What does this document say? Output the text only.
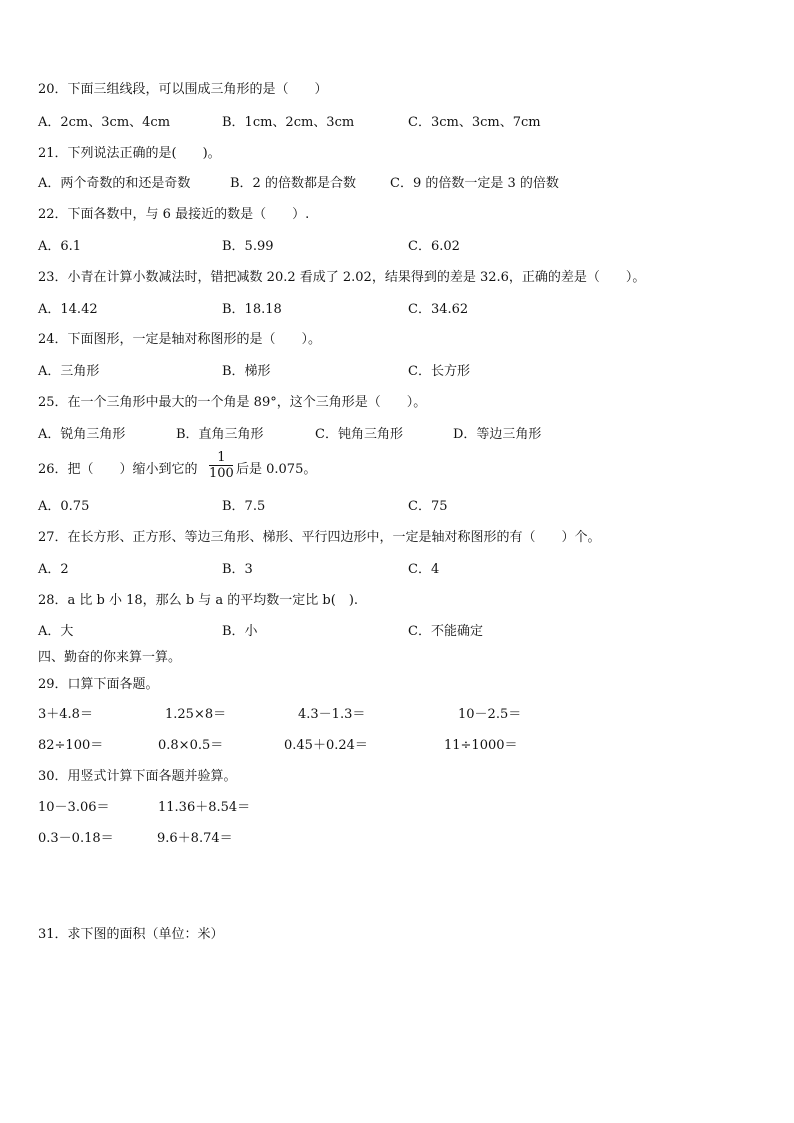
20．下面三组线段，可以围成三角形的是（　　）
A．2cm、3cm、4cm	B．1cm、2cm、3cm	C．3cm、3cm、7cm
21．下列说法正确的是(　　)。
A．两个奇数的和还是奇数	B．2 的倍数都是合数	C．9 的倍数一定是 3 的倍数
22．下面各数中，与 6 最接近的数是（　　）.
A．6.1	B．5.99	C．6.02
23．小青在计算小数减法时，错把减数 20.2 看成了 2.02，结果得到的差是 32.6，正确的差是（　　）。
A．14.42	B．18.18	C．34.62
24．下面图形，一定是轴对称图形的是（　　）。
A．三角形	B．梯形	C．长方形
25．在一个三角形中最大的一个角是 89°，这个三角形是（　　）。
A．锐角三角形	B．直角三角形	C．钝角三角形	D．等边三角形
26．把（　　）缩小到它的
1
100 后是 0.075。
A．0.75	B．7.5	C．75
27．在长方形、正方形、等边三角形、梯形、平行四边形中，一定是轴对称图形的有（　　）个。
A．2	B．3	C．4
28．a 比 b 小 18，那么 b 与 a 的平均数一定比 b(　).
A．大	B．小	C．不能确定
四、勤奋的你来算一算。
29．口算下面各题。
3＋4.8＝	1.25×8＝	4.3－1.3＝	10－2.5＝
82÷100＝	0.8×0.5＝	0.45＋0.24＝	11÷1000＝
30．用竖式计算下面各题并验算。
10－3.06＝	11.36＋8.54＝
0.3－0.18＝	9.6＋8.74＝
31．求下图的面积（单位：米）
